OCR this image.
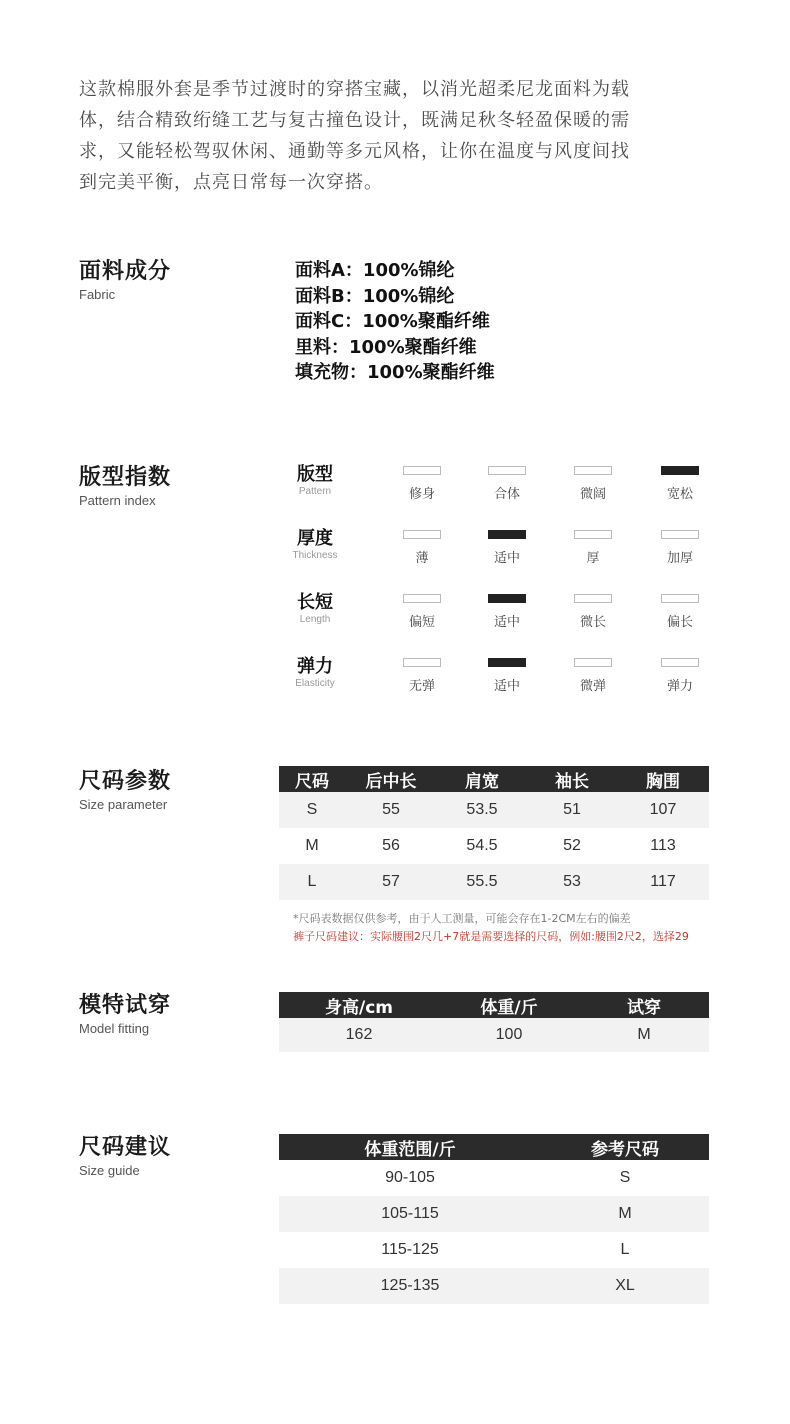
这款棉服外套是季节过渡时的穿搭宝藏，以消光超柔尼龙面料为载
体，结合精致绗缝工艺与复古撞色设计，既满足秋冬轻盈保暖的需
求，又能轻松驾驭休闲、通勤等多元风格，让你在温度与风度间找
到完美平衡，点亮日常每一次穿搭。
面料成分
Fabric
面料A：100%锦纶
面料B：100%锦纶
面料C：100%聚酯纤维
里料：100%聚酯纤维
填充物：100%聚酯纤维
版型指数
Pattern index
版型
Pattern	修身	合体	微阔	宽松
厚度
Thickness	薄	适中	厚	加厚
长短
Length	偏短	适中	微长	偏长
弹力
Elasticity	无弹	适中	微弹	弹力
尺码参数
Size parameter
尺码	后中长	肩宽	袖长	胸围
S	55	53.5	51	107
M	56	54.5	52	113
L	57	55.5	53	117
*尺码表数据仅供参考，由于人工测量，可能会存在1-2CM左右的偏差
裤子尺码建议：实际腰围2尺几+7就是需要选择的尺码，例如:腰围2尺2，选择29
模特试穿
Model fitting
身高/cm	体重/斤	试穿
162	100	M
尺码建议
Size guide
体重范围/斤	参考尺码
90-105	S
105-115	M
115-125	L
125-135	XL
